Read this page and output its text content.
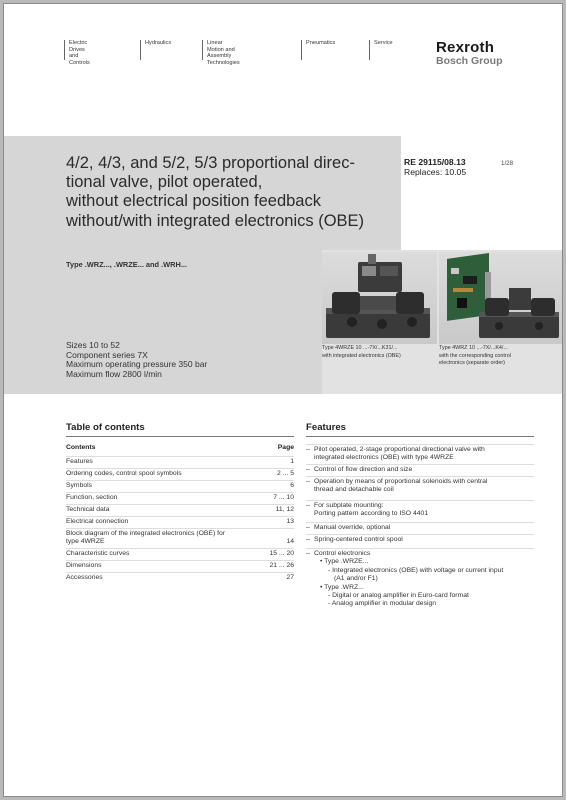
Electric Drives
and Controls
Hydraulics	Linear Motion and
Assembly Technologies
Pneumatics	Service	Rexroth
Bosch Group
4/2, 4/3, and 5/2, 5/3 proportional direc-
tional valve, pilot operated,
without electrical position feedback
without/with integrated electronics (OBE)
RE 29115/08.13
Replaces: 10.05
1/28
Type .WRZ..., .WRZE... and .WRH...
Sizes 10 to 52
Component series 7X
Maximum operating pressure 350 bar
Maximum flow 2800 l/min
Type 4WRZE 10 ...-7X/...K31/...
with integrated electronics (OBE)
Type 4WRZ 10 ...-7X/...K4/...
with the corresponding control
electronics (separate order)
Table of contents
Contents	Page
Features	1
Ordering codes, control spool symbols	2 ... 5
Symbols	6
Function, section	7 ... 10
Technical data	11, 12
Electrical connection	13
Block diagram of the integrated electronics (OBE) for
type 4WRZE	14
Characteristic curves	15 ... 20
Dimensions	21 ... 26
Accessories	27
Features
– Pilot operated, 2-stage proportional directional valve with
integrated electronics (OBE) with type 4WRZE
– Control of flow direction and size
– Operation by means of proportional solenoids with central
thread and detachable coil
– For subplate mounting:
Porting pattern according to ISO 4401
– Manual override, optional
– Spring-centered control spool
– Control electronics
• Type .WRZE...
- Integrated electronics (OBE) with voltage or current input
(A1 and/or F1)
• Type .WRZ...
- Digital or analog amplifier in Euro-card format
- Analog amplifier in modular design
